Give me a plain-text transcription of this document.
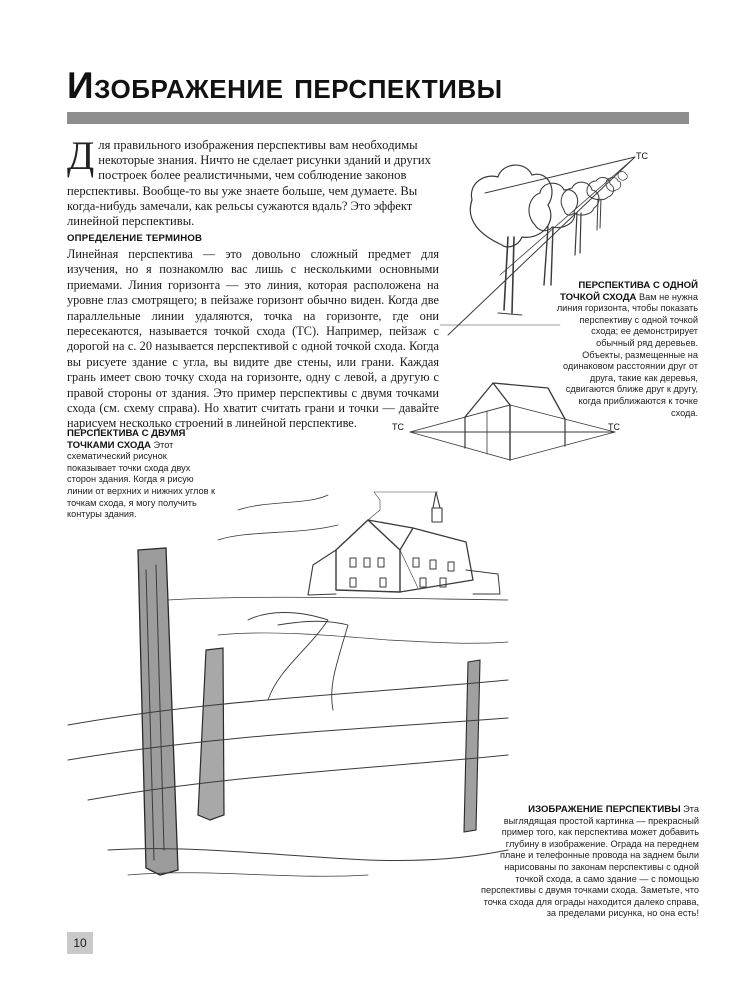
Изображение перспективы
Для правильного изображения перспективы вам необходимы некоторые знания. Ничто не сделает рисунки зданий и других построек более реалистичными, чем соблюдение законов перспективы. Вообще-то вы уже знаете больше, чем думаете. Вы когда-нибудь замечали, как рельсы сужаются вдаль? Это эффект линейной перспективы.
ОПРЕДЕЛЕНИЕ ТЕРМИНОВ
Линейная перспектива — это довольно сложный предмет для изучения, но я познакомлю вас лишь с несколькими основными приемами. Линия горизонта — это линия, которая расположена на уровне глаз смотрящего; в пейзаже горизонт обычно виден. Когда две параллельные линии удаляются, точка на горизонте, где они пересекаются, называется точкой схода (ТС). Например, пейзаж с дорогой на с. 20 называется перспективой с одной точкой схода. Когда вы рисуете здание с угла, вы видите две стены, или грани. Каждая грань имеет свою точку схода на горизонте, одну с левой, а другую с правой стороны от здания. Это пример перспективы с двумя точками схода (см. схему справа). Но хватит считать грани и точки — давайте нарисуем несколько строений в линейной перспективе.
ТС
ПЕРСПЕКТИВА С ОДНОЙ ТОЧКОЙ СХОДА Вам не нужна линия горизонта, чтобы показать перспективу с одной точкой схода; ее демонстрирует обычный ряд деревьев. Объекты, размещенные на одинаковом расстоянии друг от друга, такие как деревья, сдвигаются ближе друг к другу, когда приближаются к точке схода.
ТС	ТС
ПЕРСПЕКТИВА С ДВУМЯ ТОЧКАМИ СХОДА Этот схематический рисунок показывает точки схода двух сторон здания. Когда я рисую линии от верхних и нижних углов к точкам схода, я могу получить контуры здания.
ИЗОБРАЖЕНИЕ ПЕРСПЕКТИВЫ Эта выглядящая простой картинка — прекрасный пример того, как перспектива может добавить глубину в изображение. Ограда на переднем плане и телефонные провода на заднем были нарисованы по законам перспективы с одной точкой схода, а само здание — с помощью перспективы с двумя точками схода. Заметьте, что точка схода для ограды находится далеко справа, за пределами рисунка, но она есть!
10
